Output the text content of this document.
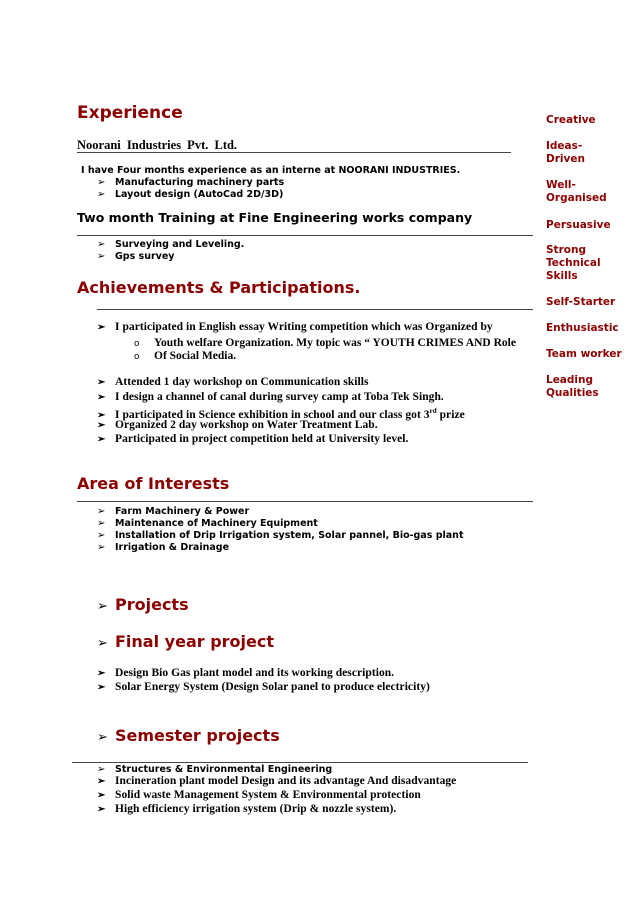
Experience
Noorani Industries Pvt. Ltd.
I have Four months experience as an interne at NOORANI INDUSTRIES.
➢ Manufacturing machinery parts
➢ Layout design (AutoCad 2D/3D)
Two month Training at Fine Engineering works company
➢ Surveying and Leveling.
➢ Gps survey
Achievements & Participations.
➢ I participated in English essay Writing competition which was Organized by
o Youth welfare Organization. My topic was “ YOUTH CRIMES AND Role
o Of Social Media.
➢ Attended 1 day workshop on Communication skills
➢ I design a channel of canal during survey camp at Toba Tek Singh.
➢ I participated in Science exhibition in school and our class got 3rd prize
➢ Organized 2 day workshop on Water Treatment Lab.
➢ Participated in project competition held at University level.
Area of Interests
➢ Farm Machinery & Power
➢ Maintenance of Machinery Equipment
➢ Installation of Drip Irrigation system, Solar pannel, Bio-gas plant
➢ Irrigation & Drainage
➢ Projects
➢ Final year project
➢ Design Bio Gas plant model and its working description.
➢ Solar Energy System (Design Solar panel to produce electricity)
➢ Semester projects
➢ Structures & Environmental Engineering
➢ Incineration plant model Design and its advantage And disadvantage
➢ Solid waste Management System & Environmental protection
➢ High efficiency irrigation system (Drip & nozzle system).
Creative
Ideas-
Driven
Well-
Organised
Persuasive
Strong
Technical
Skills
Self-Starter
Enthusiastic
Team worker
Leading
Qualities
